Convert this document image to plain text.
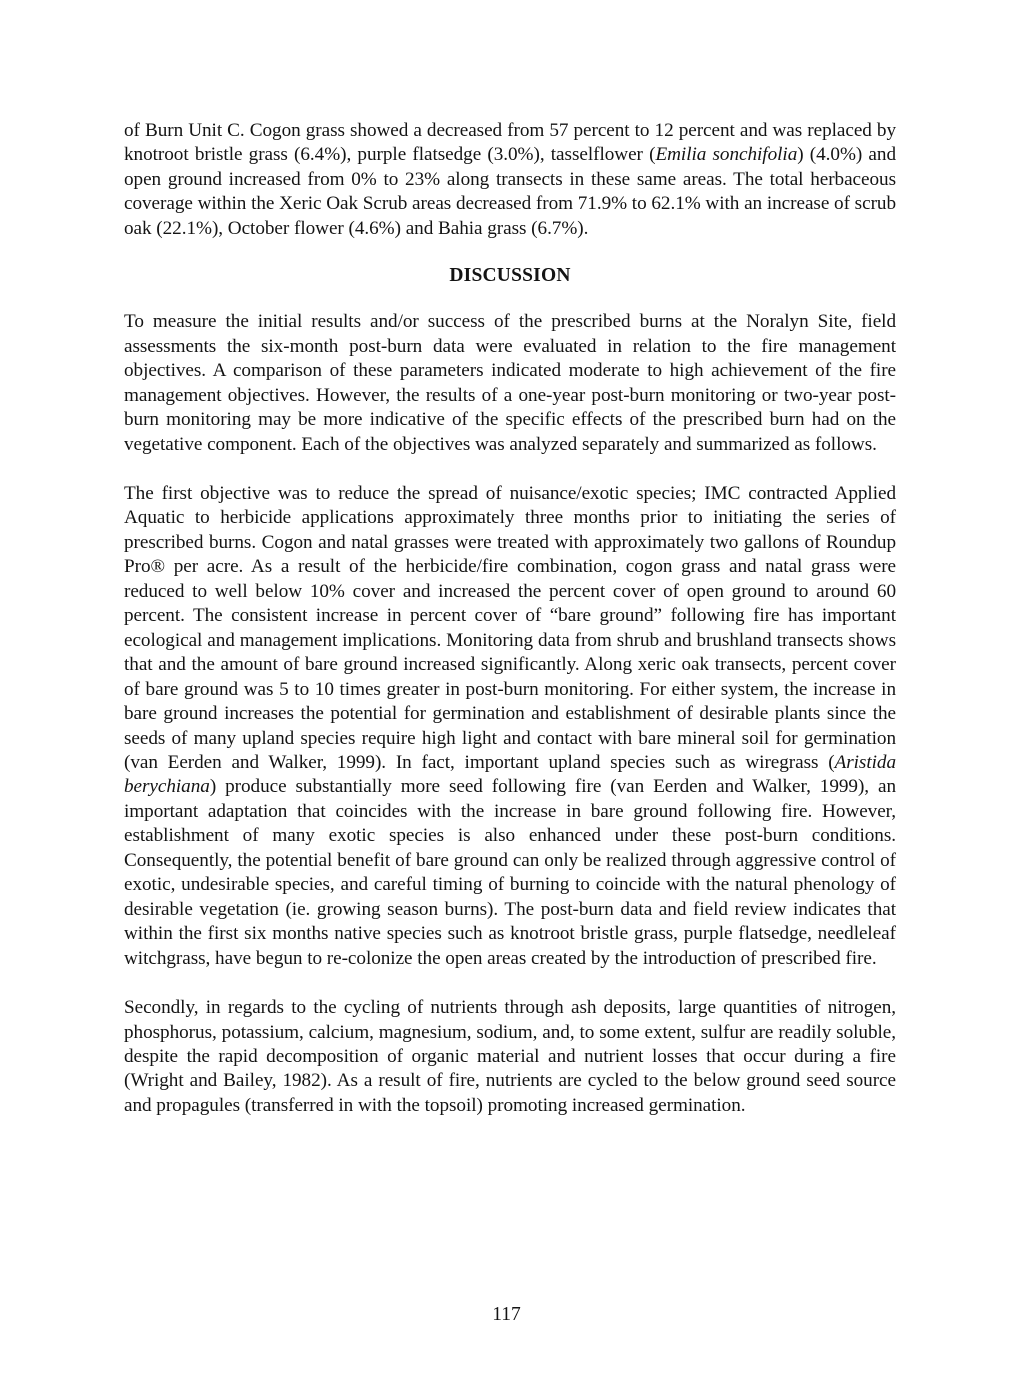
of Burn Unit C. Cogon grass showed a decreased from 57 percent to 12 percent and was replaced by knotroot bristle grass (6.4%), purple flatsedge (3.0%), tasselflower (Emilia sonchifolia) (4.0%) and open ground increased from 0% to 23% along transects in these same areas. The total herbaceous coverage within the Xeric Oak Scrub areas decreased from 71.9% to 62.1% with an increase of scrub oak (22.1%), October flower (4.6%) and Bahia grass (6.7%).

DISCUSSION

To measure the initial results and/or success of the prescribed burns at the Noralyn Site, field assessments the six-month post-burn data were evaluated in relation to the fire management objectives. A comparison of these parameters indicated moderate to high achievement of the fire management objectives. However, the results of a one-year post-burn monitoring or two-year post-burn monitoring may be more indicative of the specific effects of the prescribed burn had on the vegetative component. Each of the objectives was analyzed separately and summarized as follows.

The first objective was to reduce the spread of nuisance/exotic species; IMC contracted Applied Aquatic to herbicide applications approximately three months prior to initiating the series of prescribed burns. Cogon and natal grasses were treated with approximately two gallons of Roundup Pro® per acre. As a result of the herbicide/fire combination, cogon grass and natal grass were reduced to well below 10% cover and increased the percent cover of open ground to around 60 percent. The consistent increase in percent cover of “bare ground” following fire has important ecological and management implications. Monitoring data from shrub and brushland transects shows that and the amount of bare ground increased significantly. Along xeric oak transects, percent cover of bare ground was 5 to 10 times greater in post-burn monitoring. For either system, the increase in bare ground increases the potential for germination and establishment of desirable plants since the seeds of many upland species require high light and contact with bare mineral soil for germination (van Eerden and Walker, 1999). In fact, important upland species such as wiregrass (Aristida berychiana) produce substantially more seed following fire (van Eerden and Walker, 1999), an important adaptation that coincides with the increase in bare ground following fire. However, establishment of many exotic species is also enhanced under these post-burn conditions. Consequently, the potential benefit of bare ground can only be realized through aggressive control of exotic, undesirable species, and careful timing of burning to coincide with the natural phenology of desirable vegetation (ie. growing season burns). The post-burn data and field review indicates that within the first six months native species such as knotroot bristle grass, purple flatsedge, needleleaf witchgrass, have begun to re-colonize the open areas created by the introduction of prescribed fire.

Secondly, in regards to the cycling of nutrients through ash deposits, large quantities of nitrogen, phosphorus, potassium, calcium, magnesium, sodium, and, to some extent, sulfur are readily soluble, despite the rapid decomposition of organic material and nutrient losses that occur during a fire (Wright and Bailey, 1982). As a result of fire, nutrients are cycled to the below ground seed source and propagules (transferred in with the topsoil) promoting increased germination.

117
